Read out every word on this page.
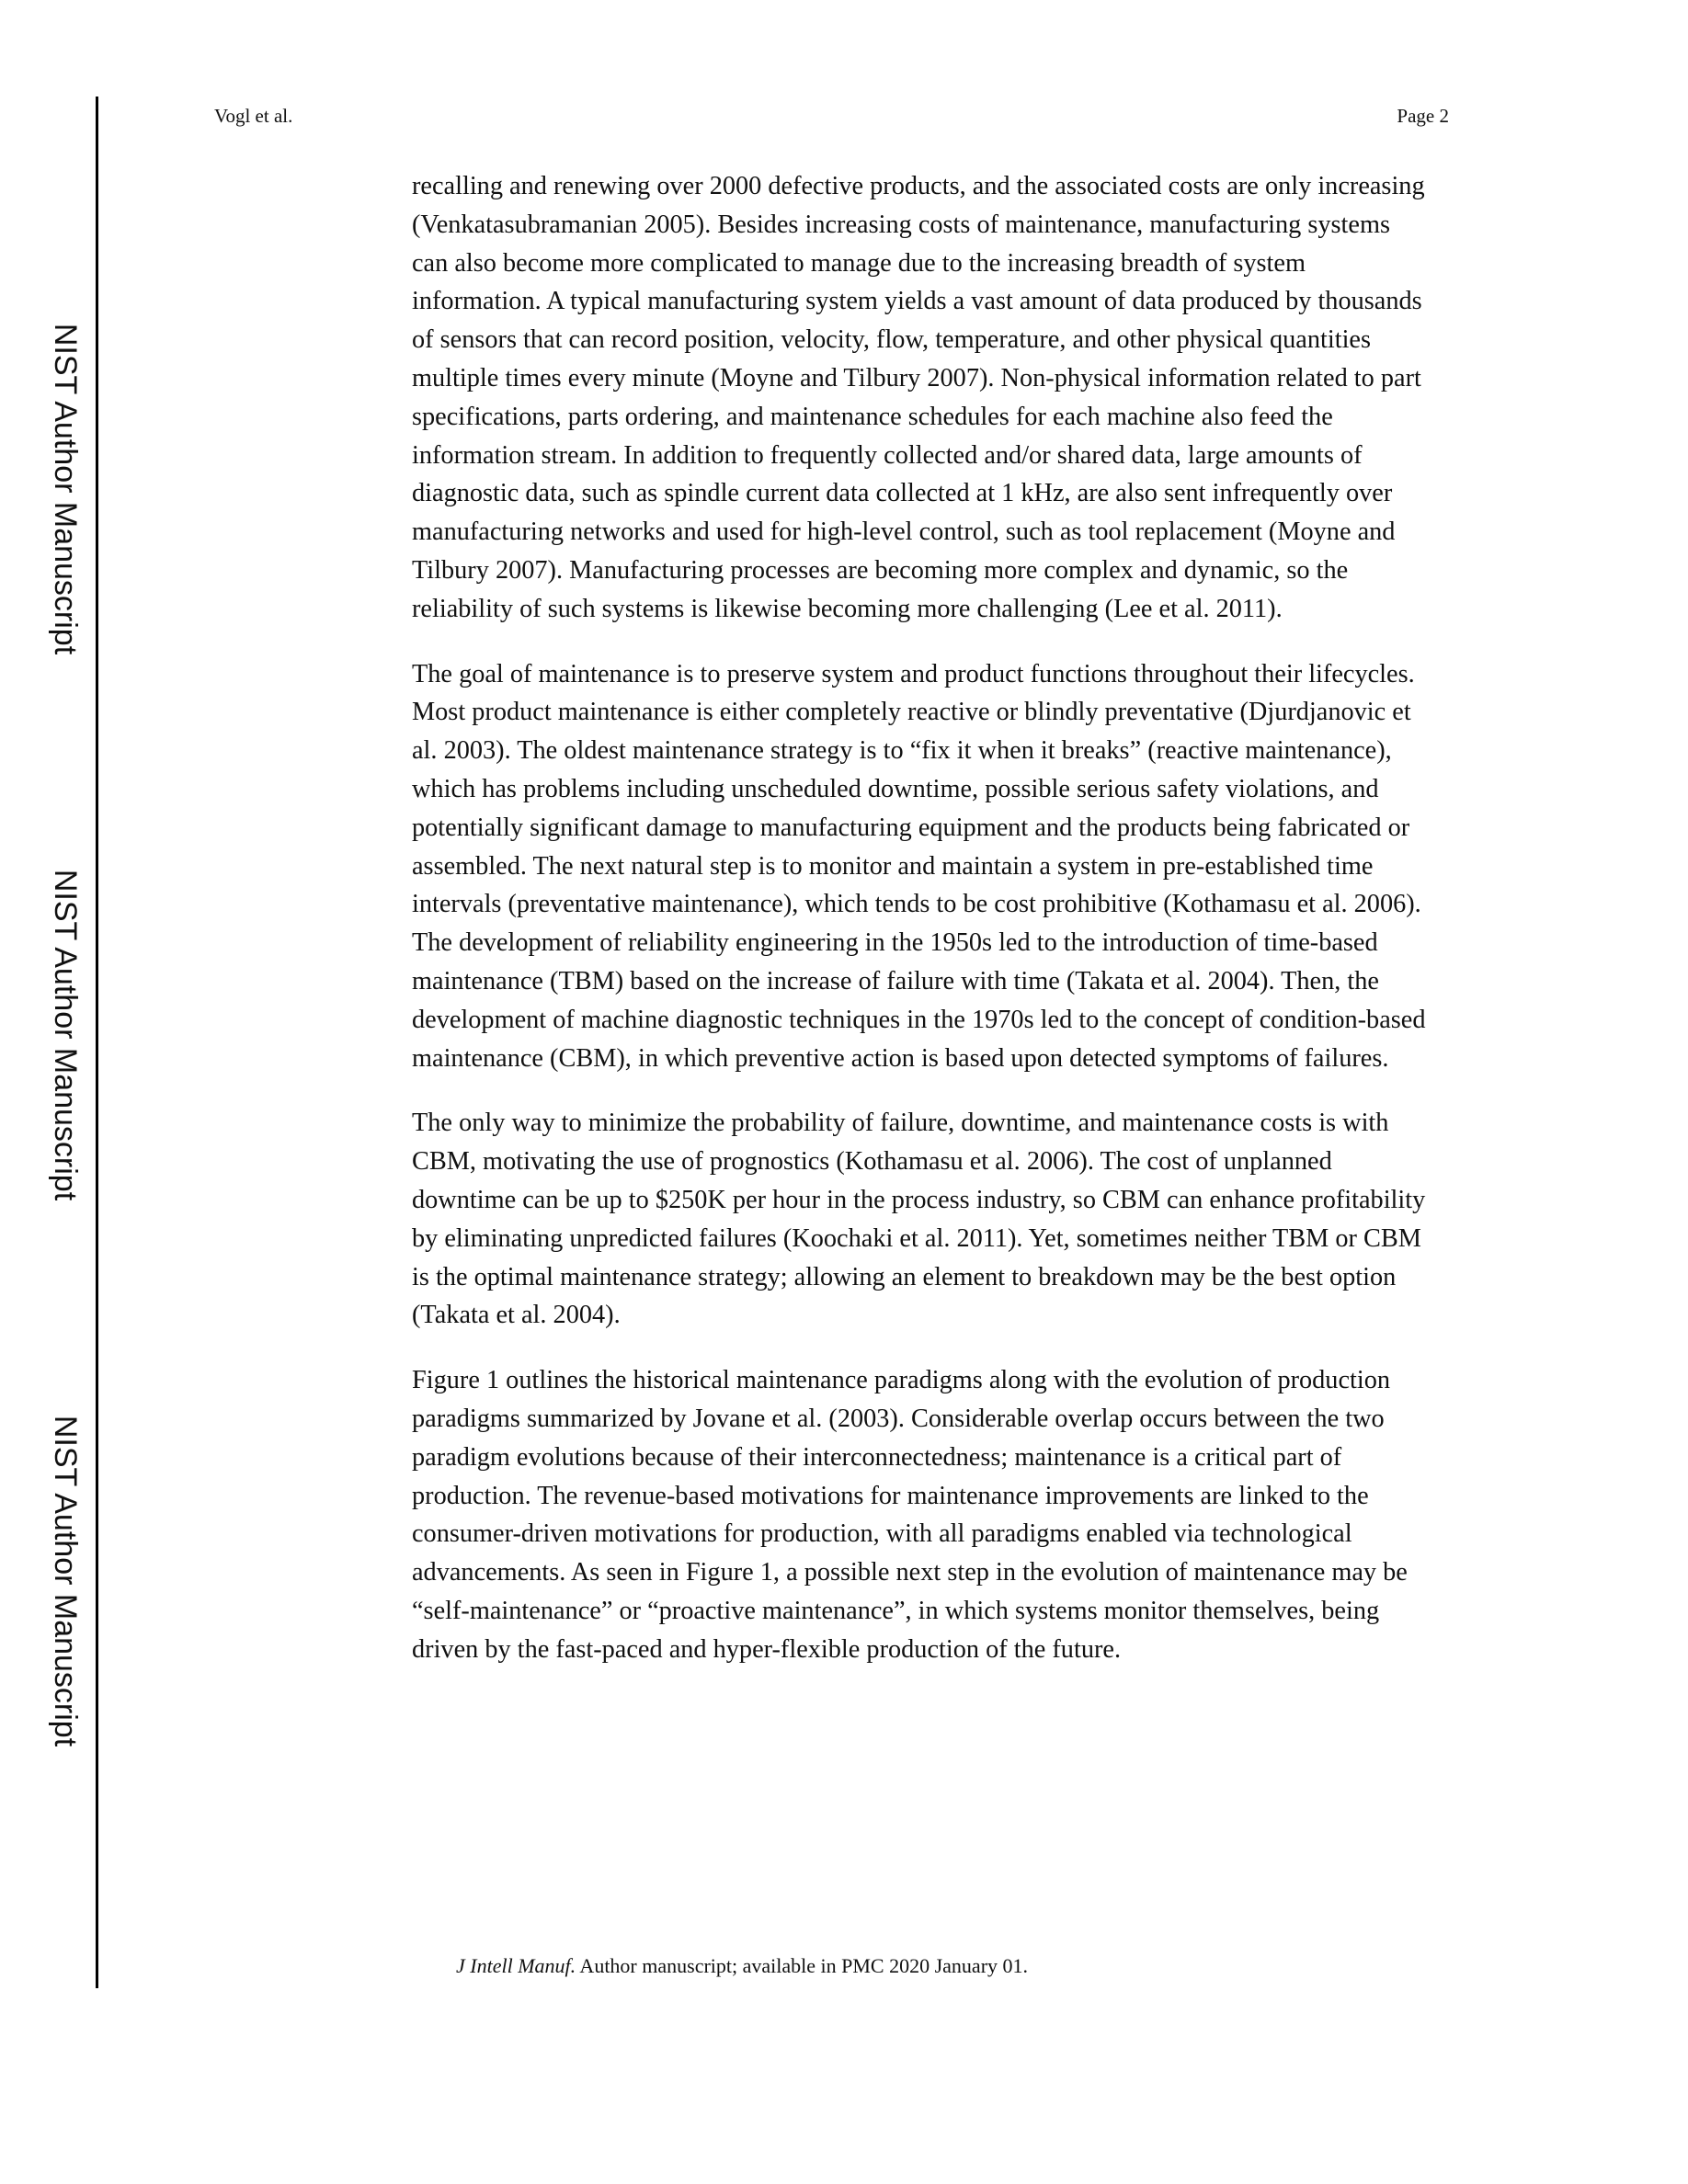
Vogl et al.	Page 2
NIST Author Manuscript
NIST Author Manuscript
NIST Author Manuscript

recalling and renewing over 2000 defective products, and the associated costs are only increasing (Venkatasubramanian 2005). Besides increasing costs of maintenance, manufacturing systems can also become more complicated to manage due to the increasing breadth of system information. A typical manufacturing system yields a vast amount of data produced by thousands of sensors that can record position, velocity, flow, temperature, and other physical quantities multiple times every minute (Moyne and Tilbury 2007). Non-physical information related to part specifications, parts ordering, and maintenance schedules for each machine also feed the information stream. In addition to frequently collected and/or shared data, large amounts of diagnostic data, such as spindle current data collected at 1 kHz, are also sent infrequently over manufacturing networks and used for high-level control, such as tool replacement (Moyne and Tilbury 2007). Manufacturing processes are becoming more complex and dynamic, so the reliability of such systems is likewise becoming more challenging (Lee et al. 2011).

The goal of maintenance is to preserve system and product functions throughout their lifecycles. Most product maintenance is either completely reactive or blindly preventative (Djurdjanovic et al. 2003). The oldest maintenance strategy is to “fix it when it breaks” (reactive maintenance), which has problems including unscheduled downtime, possible serious safety violations, and potentially significant damage to manufacturing equipment and the products being fabricated or assembled. The next natural step is to monitor and maintain a system in pre-established time intervals (preventative maintenance), which tends to be cost prohibitive (Kothamasu et al. 2006). The development of reliability engineering in the 1950s led to the introduction of time-based maintenance (TBM) based on the increase of failure with time (Takata et al. 2004). Then, the development of machine diagnostic techniques in the 1970s led to the concept of condition-based maintenance (CBM), in which preventive action is based upon detected symptoms of failures.

The only way to minimize the probability of failure, downtime, and maintenance costs is with CBM, motivating the use of prognostics (Kothamasu et al. 2006). The cost of unplanned downtime can be up to $250K per hour in the process industry, so CBM can enhance profitability by eliminating unpredicted failures (Koochaki et al. 2011). Yet, sometimes neither TBM or CBM is the optimal maintenance strategy; allowing an element to breakdown may be the best option (Takata et al. 2004).

Figure 1 outlines the historical maintenance paradigms along with the evolution of production paradigms summarized by Jovane et al. (2003). Considerable overlap occurs between the two paradigm evolutions because of their interconnectedness; maintenance is a critical part of production. The revenue-based motivations for maintenance improvements are linked to the consumer-driven motivations for production, with all paradigms enabled via technological advancements. As seen in Figure 1, a possible next step in the evolution of maintenance may be “self-maintenance” or “proactive maintenance”, in which systems monitor themselves, being driven by the fast-paced and hyper-flexible production of the future.

J Intell Manuf. Author manuscript; available in PMC 2020 January 01.
